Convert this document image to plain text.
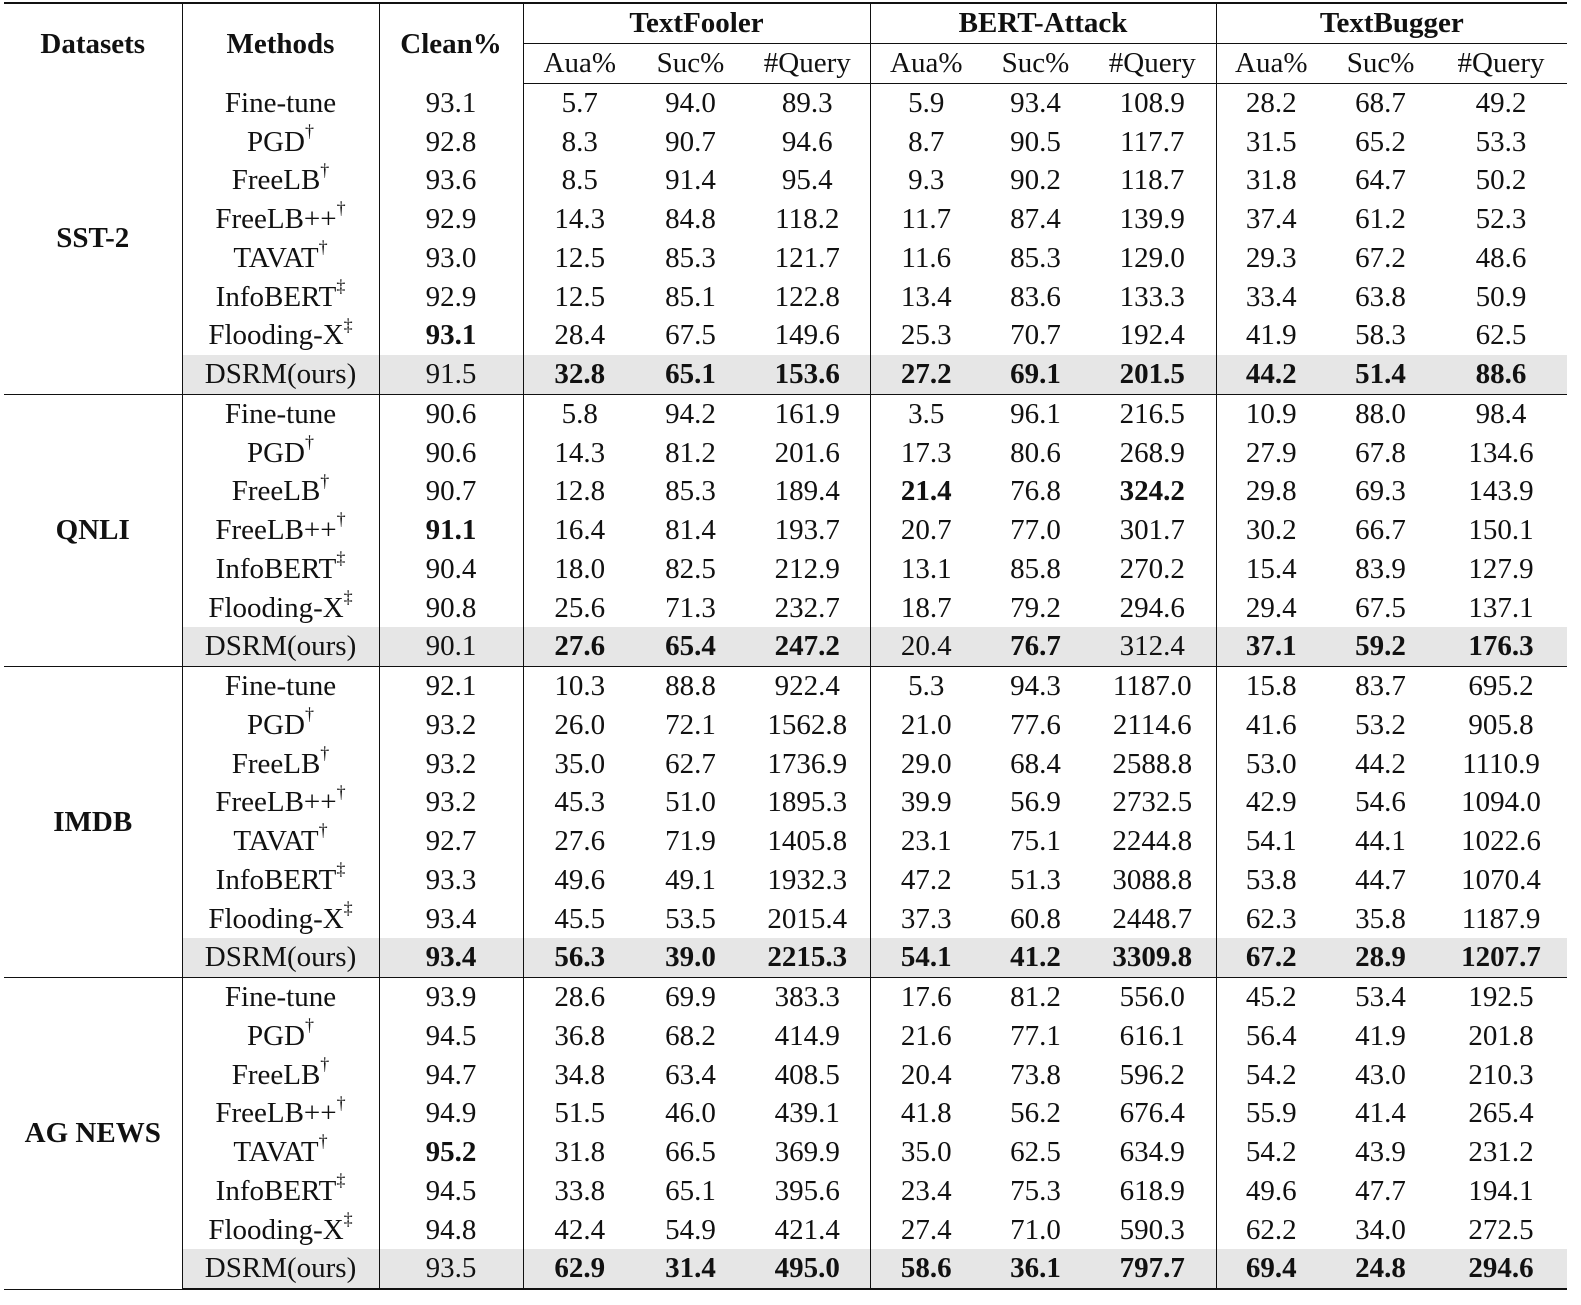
Datasets	Methods	Clean%	TextFooler			BERT-Attack			TextBugger		
			Aua%	Suc%	#Query	Aua%	Suc%	#Query	Aua%	Suc%	#Query
SST-2	Fine-tune	93.1	5.7	94.0	89.3	5.9	93.4	108.9	28.2	68.7	49.2
	PGD†	92.8	8.3	90.7	94.6	8.7	90.5	117.7	31.5	65.2	53.3
	FreeLB†	93.6	8.5	91.4	95.4	9.3	90.2	118.7	31.8	64.7	50.2
	FreeLB++†	92.9	14.3	84.8	118.2	11.7	87.4	139.9	37.4	61.2	52.3
	TAVAT†	93.0	12.5	85.3	121.7	11.6	85.3	129.0	29.3	67.2	48.6
	InfoBERT‡	92.9	12.5	85.1	122.8	13.4	83.6	133.3	33.4	63.8	50.9
	Flooding-X‡	93.1	28.4	67.5	149.6	25.3	70.7	192.4	41.9	58.3	62.5
	DSRM(ours)	91.5	32.8	65.1	153.6	27.2	69.1	201.5	44.2	51.4	88.6
QNLI	Fine-tune	90.6	5.8	94.2	161.9	3.5	96.1	216.5	10.9	88.0	98.4
	PGD†	90.6	14.3	81.2	201.6	17.3	80.6	268.9	27.9	67.8	134.6
	FreeLB†	90.7	12.8	85.3	189.4	21.4	76.8	324.2	29.8	69.3	143.9
	FreeLB++†	91.1	16.4	81.4	193.7	20.7	77.0	301.7	30.2	66.7	150.1
	InfoBERT‡	90.4	18.0	82.5	212.9	13.1	85.8	270.2	15.4	83.9	127.9
	Flooding-X‡	90.8	25.6	71.3	232.7	18.7	79.2	294.6	29.4	67.5	137.1
	DSRM(ours)	90.1	27.6	65.4	247.2	20.4	76.7	312.4	37.1	59.2	176.3
IMDB	Fine-tune	92.1	10.3	88.8	922.4	5.3	94.3	1187.0	15.8	83.7	695.2
	PGD†	93.2	26.0	72.1	1562.8	21.0	77.6	2114.6	41.6	53.2	905.8
	FreeLB†	93.2	35.0	62.7	1736.9	29.0	68.4	2588.8	53.0	44.2	1110.9
	FreeLB++†	93.2	45.3	51.0	1895.3	39.9	56.9	2732.5	42.9	54.6	1094.0
	TAVAT†	92.7	27.6	71.9	1405.8	23.1	75.1	2244.8	54.1	44.1	1022.6
	InfoBERT‡	93.3	49.6	49.1	1932.3	47.2	51.3	3088.8	53.8	44.7	1070.4
	Flooding-X‡	93.4	45.5	53.5	2015.4	37.3	60.8	2448.7	62.3	35.8	1187.9
	DSRM(ours)	93.4	56.3	39.0	2215.3	54.1	41.2	3309.8	67.2	28.9	1207.7
AG NEWS	Fine-tune	93.9	28.6	69.9	383.3	17.6	81.2	556.0	45.2	53.4	192.5
	PGD†	94.5	36.8	68.2	414.9	21.6	77.1	616.1	56.4	41.9	201.8
	FreeLB†	94.7	34.8	63.4	408.5	20.4	73.8	596.2	54.2	43.0	210.3
	FreeLB++†	94.9	51.5	46.0	439.1	41.8	56.2	676.4	55.9	41.4	265.4
	TAVAT†	95.2	31.8	66.5	369.9	35.0	62.5	634.9	54.2	43.9	231.2
	InfoBERT‡	94.5	33.8	65.1	395.6	23.4	75.3	618.9	49.6	47.7	194.1
	Flooding-X‡	94.8	42.4	54.9	421.4	27.4	71.0	590.3	62.2	34.0	272.5
	DSRM(ours)	93.5	62.9	31.4	495.0	58.6	36.1	797.7	69.4	24.8	294.6
